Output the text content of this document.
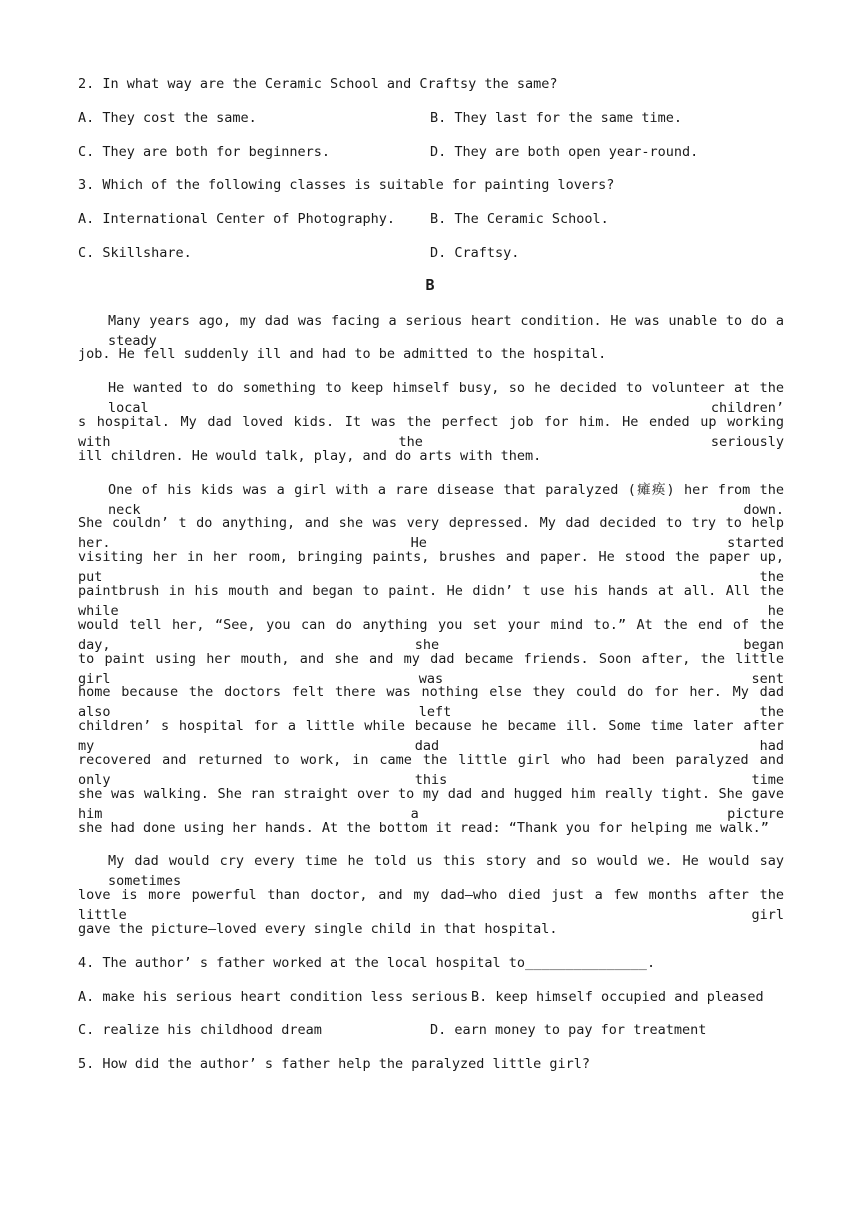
2. In what way are the Ceramic School and Craftsy the same?
A. They cost the same.	B. They last for the same time.
C. They are both for beginners.	D. They are both open year-round.
3. Which of the following classes is suitable for painting lovers?
A. International Center of Photography.	B. The Ceramic School.
C. Skillshare.	D. Craftsy.
B
Many years ago, my dad was facing a serious heart condition. He was unable to do a steady
job. He fell suddenly ill and had to be admitted to the hospital.
He wanted to do something to keep himself busy, so he decided to volunteer at the local children’
s hospital. My dad loved kids. It was the perfect job for him. He ended up working with the seriously
ill children. He would talk, play, and do arts with them.
One of his kids was a girl with a rare disease that paralyzed (瘫痪) her from the neck down.
She couldn’ t do anything, and she was very depressed. My dad decided to try to help her. He started
visiting her in her room, bringing paints, brushes and paper. He stood the paper up, put the
paintbrush in his mouth and began to paint. He didn’ t use his hands at all. All the while he
would tell her, “See, you can do anything you set your mind to.” At the end of the day, she began
to paint using her mouth, and she and my dad became friends. Soon after, the little girl was sent
home because the doctors felt there was nothing else they could do for her. My dad also left the
children’ s hospital for a little while because he became ill. Some time later after my dad had
recovered and returned to work, in came the little girl who had been paralyzed and only this time
she was walking. She ran straight over to my dad and hugged him really tight. She gave him a picture
she had done using her hands. At the bottom it read: “Thank you for helping me walk.”
My dad would cry every time he told us this story and so would we. He would say sometimes
love is more powerful than doctor, and my dad—who died just a few months after the little girl
gave the picture—loved every single child in that hospital.
4. The author’ s father worked at the local hospital to_______________.
A. make his serious heart condition less serious B. keep himself occupied and pleased
C. realize his childhood dream	D. earn money to pay for treatment
5. How did the author’ s father help the paralyzed little girl?
